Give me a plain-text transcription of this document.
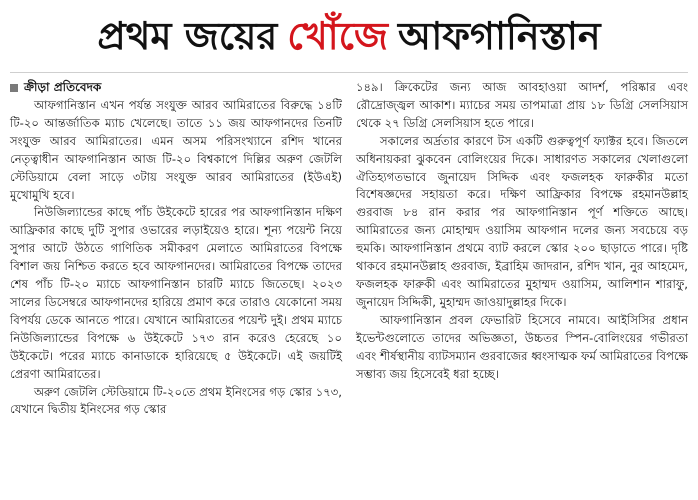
প্রথম জয়ের খোঁজে আফগানিস্তান
ক্রীড়া প্রতিবেদক

আফগানিস্তান এখন পর্যন্ত সংযুক্ত আরব আমিরাতের বিরুদ্ধে ১৪টি টি-২০ আন্তর্জাতিক ম্যাচ খেলেছে। তাতে ১১ জয় আফগানদের তিনটি সংযুক্ত আরব আমিরাতের। এমন অসম পরিসংখ্যানে রশিদ খানের নেতৃত্বাধীন আফগানিস্তান আজ টি-২০ বিশ্বকাপে দিল্লির অরুণ জেটলি স্টেডিয়ামে বেলা সাড়ে ৩টায় সংযুক্ত আরব আমিরাতের (ইউএই) মুখোমুখি হবে।

নিউজিল্যান্ডের কাছে পাঁচ উইকেটে হারের পর আফগানিস্তান দক্ষিণ আফ্রিকার কাছে দুটি সুপার ওভারের লড়াইয়েও হারে। শূন্য পয়েন্ট নিয়ে সুপার আটে উঠতে গাণিতিক সমীকরণ মেলাতে আমিরাতের বিপক্ষে বিশাল জয় নিশ্চিত করতে হবে আফগানদের। আমিরাতের বিপক্ষে তাদের শেষ পাঁচ টি-২০ ম্যাচে আফগানিস্তান চারটি ম্যাচে জিতেছে। ২০২৩ সালের ডিসেম্বরে আফগানদের হারিয়ে প্রমাণ করে তারাও যেকোনো সময় বিপর্যয় ডেকে আনতে পারে। যেখানে আমিরাতের পয়েন্ট দুই। প্রথম ম্যাচে নিউজিল্যান্ডের বিপক্ষে ৬ উইকেটে ১৭৩ রান করেও হেরেছে ১০ উইকেটে। পরের ম্যাচে কানাডাকে হারিয়েছে ৫ উইকেটে। এই জয়টিই প্রেরণা আমিরাতের।

অরুণ জেটলি স্টেডিয়ামে টি-২০তে প্রথম ইনিংসের গড় স্কোর ১৭৩, যেখানে দ্বিতীয় ইনিংসের গড় স্কোর

১৪৯। ক্রিকেটের জন্য আজ আবহাওয়া আদর্শ, পরিষ্কার এবং রৌদ্রোজ্জ্বল আকাশ। ম্যাচের সময় তাপমাত্রা প্রায় ১৮ ডিগ্রি সেলসিয়াস থেকে ২৭ ডিগ্রি সেলসিয়াস হতে পারে।

সকালের অর্দ্রতার কারণে টস একটি গুরুত্বপূর্ণ ফ্যাক্টর হবে। জিতলে অধিনায়করা ঝুকবেন বোলিংয়ের দিকে। সাধারণত সকালের খেলাগুলো ঐতিহ্যগতভাবে জুনায়েদ সিদ্দিক এবং ফজলহক ফারুকীর মতো বিশেষজ্ঞদের সহায়তা করে। দক্ষিণ আফ্রিকার বিপক্ষে রহমানউল্লাহ গুরবাজ ৮৪ রান করার পর আফগানিস্তান পূর্ণ শক্তিতে আছে। আমিরাতের জন্য মোহাম্মদ ওয়াসিম আফগান দলের জন্য সবচেয়ে বড় হুমকি। আফগানিস্তান প্রথমে ব্যাট করলে স্কোর ২০০ ছাড়াতে পারে। দৃষ্টি থাকবে রহমানউল্লাহ গুরবাজ, ইব্রাহিম জাদরান, রশিদ খান, নুর আহমেদ, ফজলহক ফারুকী এবং আমিরাতের মুহাম্মদ ওয়াসিম, আলিশান শারাফু, জুনায়েদ সিদ্দিকী, মুহাম্মদ জাওয়াদুল্লাহর দিকে।

আফগানিস্তান প্রবল ফেভারিট হিসেবে নামবে। আইসিসির প্রধান ইভেন্টগুলোতে তাদের অভিজ্ঞতা, উচ্চতর স্পিন-বোলিংয়ের গভীরতা এবং শীর্ষস্থানীয় ব্যাটসম্যান গুরবাজের ধ্বংসাত্মক ফর্ম আমিরাতের বিপক্ষে সম্ভাব্য জয় হিসেবেই ধরা হচ্ছে।
